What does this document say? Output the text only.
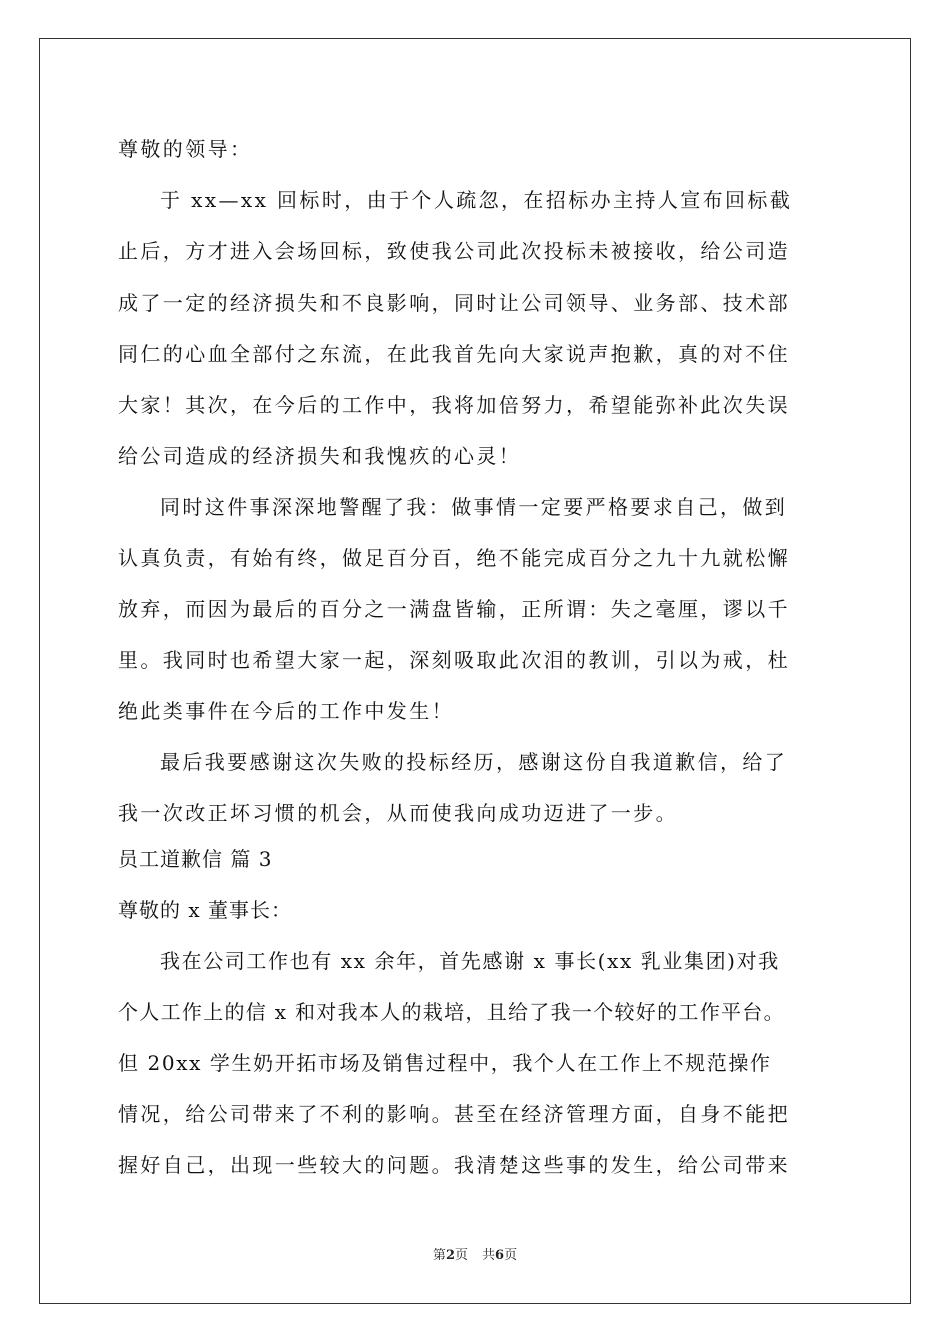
尊敬的领导：
于 xx—xx 回标时，由于个人疏忽，在招标办主持人宣布回标截
止后，方才进入会场回标，致使我公司此次投标未被接收，给公司造
成了一定的经济损失和不良影响，同时让公司领导、业务部、技术部
同仁的心血全部付之东流，在此我首先向大家说声抱歉，真的对不住
大家！其次，在今后的工作中，我将加倍努力，希望能弥补此次失误
给公司造成的经济损失和我愧疚的心灵！
同时这件事深深地警醒了我：做事情一定要严格要求自己，做到
认真负责，有始有终，做足百分百，绝不能完成百分之九十九就松懈
放弃，而因为最后的百分之一满盘皆输，正所谓：失之毫厘，谬以千
里。我同时也希望大家一起，深刻吸取此次泪的教训，引以为戒，杜
绝此类事件在今后的工作中发生！
最后我要感谢这次失败的投标经历，感谢这份自我道歉信，给了
我一次改正坏习惯的机会，从而使我向成功迈进了一步。
员工道歉信 篇 3
尊敬的 x 董事长：
我在公司工作也有 xx 余年，首先感谢 x 事长(xx 乳业集团)对我
个人工作上的信 x 和对我本人的栽培，且给了我一个较好的工作平台。
但 20xx 学生奶开拓市场及销售过程中，我个人在工作上不规范操作
情况，给公司带来了不利的影响。甚至在经济管理方面，自身不能把
握好自己，出现一些较大的问题。我清楚这些事的发生，给公司带来
第2页 共6页
